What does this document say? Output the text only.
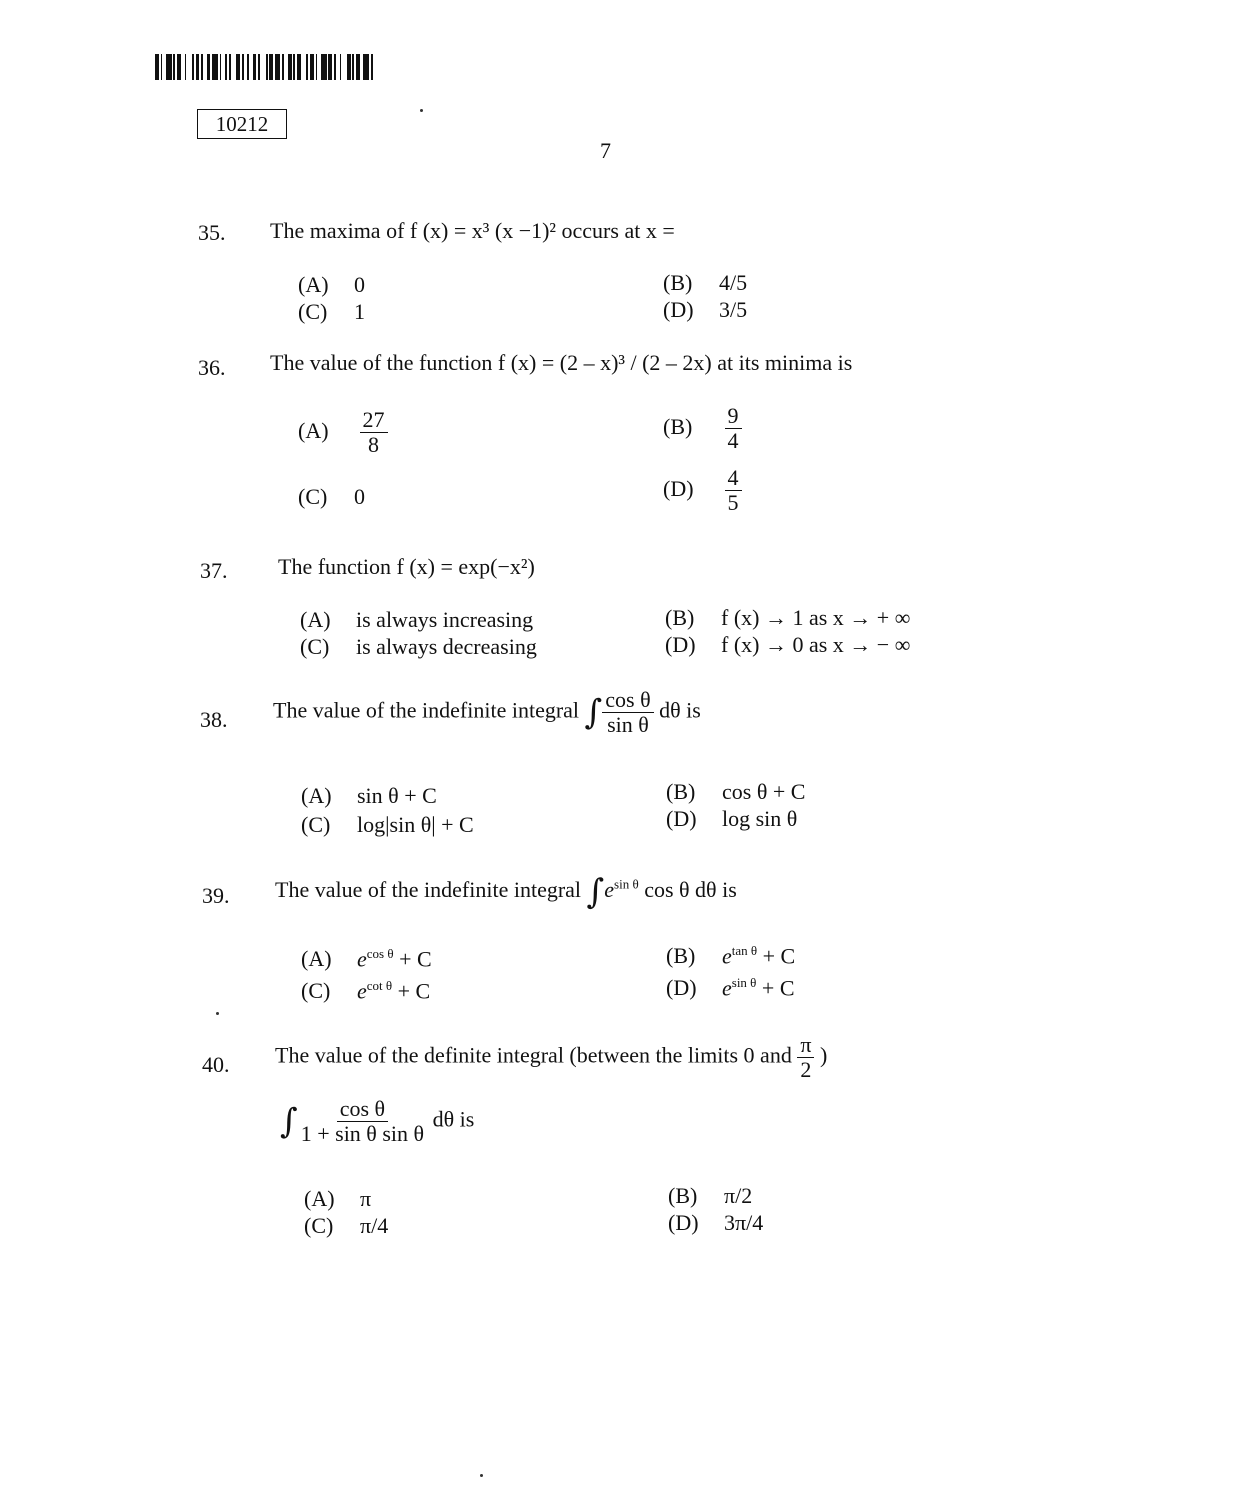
10212
7
35. The maxima of f (x) = x³ (x −1)² occurs at x =
(A) 0	(B) 4/5
(C) 1	(D) 3/5
36. The value of the function f (x) = (2 – x)³ / (2 – 2x) at its minima is
$(A) \frac{27}{8}$	$(B) \frac{9}{4}$
(C) 0	$(D) \frac{4}{5}$
37. The function f (x) = exp(−x²)
(A) is always increasing	(B) f (x) → 1 as x → + ∞
(C) is always decreasing	(D) f (x) → 0 as x → − ∞
38. The value of the indefinite integral ∫ $\frac{\text{cos θ}}{\text{sin θ}}$ dθ is
(A) sin θ + C	(B) cos θ + C
(C) log|sin θ| + C	(D) log sin θ
39. The value of the indefinite integral $\int e^{sin \theta}$ cos θ dθ is
(A) $e^{cos \theta} + C$	(B) $e^{tan \theta} + C$
(C) $e^{cot \theta} + C$	(D) $e^{sin \theta} + C$
40. The value of the definite integral (between the limits 0 and $\frac{\pi}{2}$ )
∫ $\frac{\text{cos θ}}{\text{1 + sin θ sin θ}}$ dθ is
(A) π	(B) π/2
(C) π/4	(D) 3π/4
